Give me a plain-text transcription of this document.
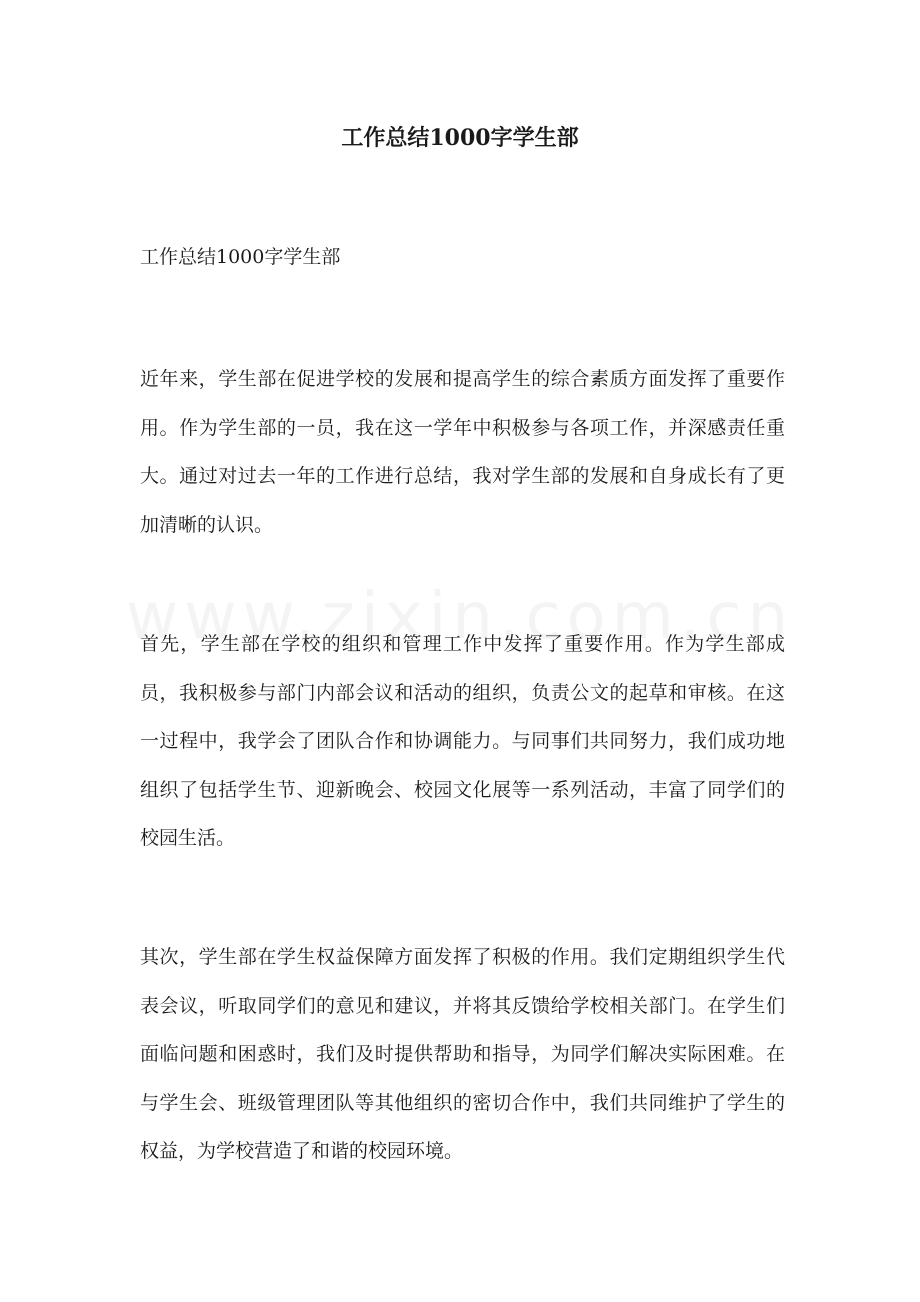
工作总结1000字学生部

工作总结1000字学生部

近年来，学生部在促进学校的发展和提高学生的综合素质方面发挥了重要作用。作为学生部的一员，我在这一学年中积极参与各项工作，并深感责任重大。通过对过去一年的工作进行总结，我对学生部的发展和自身成长有了更加清晰的认识。

首先，学生部在学校的组织和管理工作中发挥了重要作用。作为学生部成员，我积极参与部门内部会议和活动的组织，负责公文的起草和审核。在这一过程中，我学会了团队合作和协调能力。与同事们共同努力，我们成功地组织了包括学生节、迎新晚会、校园文化展等一系列活动，丰富了同学们的校园生活。

其次，学生部在学生权益保障方面发挥了积极的作用。我们定期组织学生代表会议，听取同学们的意见和建议，并将其反馈给学校相关部门。在学生们面临问题和困惑时，我们及时提供帮助和指导，为同学们解决实际困难。在与学生会、班级管理团队等其他组织的密切合作中，我们共同维护了学生的权益，为学校营造了和谐的校园环境。
